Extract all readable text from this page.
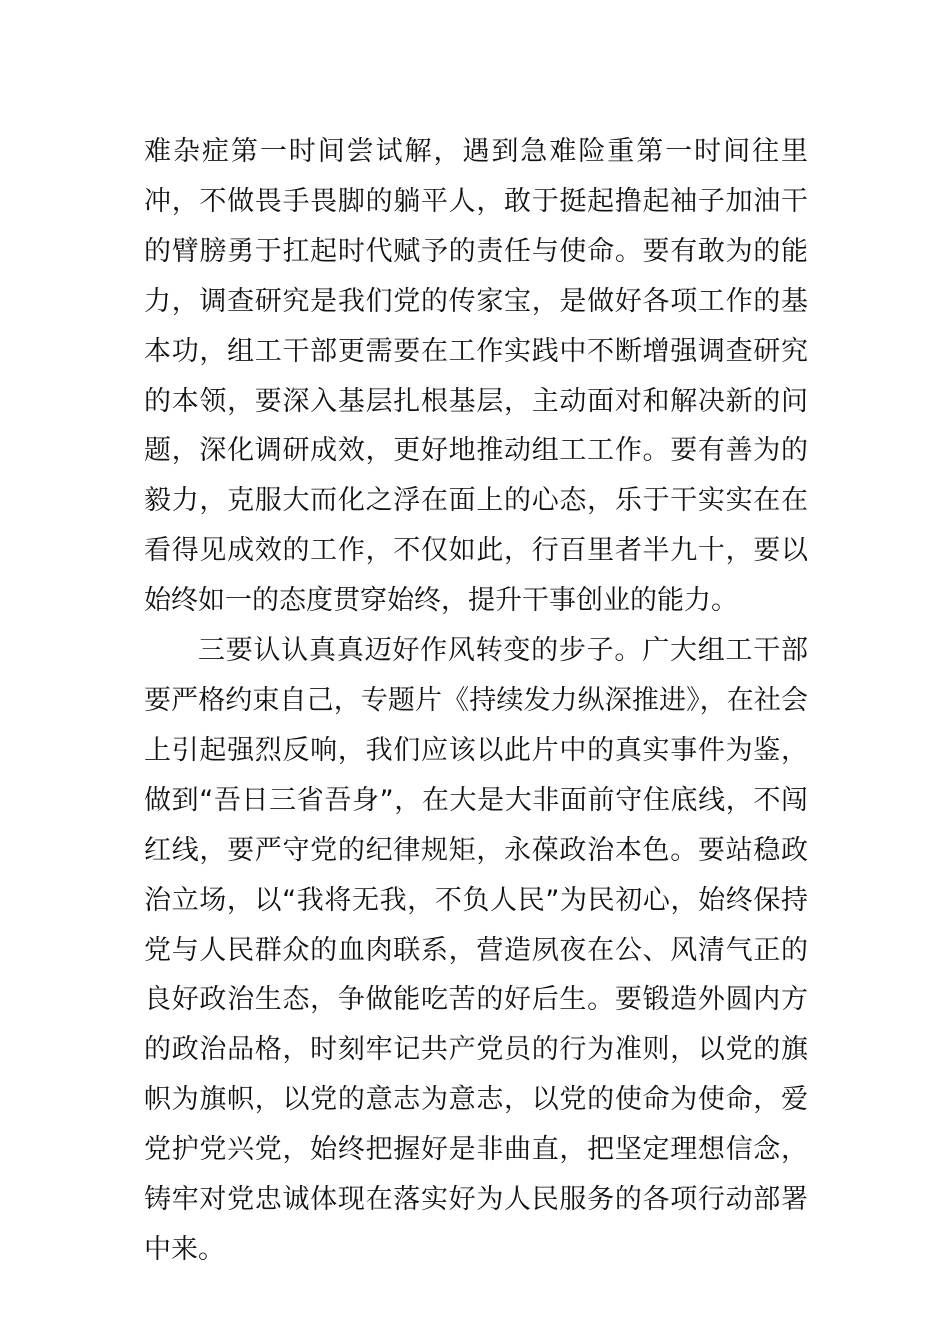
难杂症第一时间尝试解，遇到急难险重第一时间往里冲，不做畏手畏脚的躺平人，敢于挺起撸起袖子加油干的臂膀勇于扛起时代赋予的责任与使命。要有敢为的能力，调查研究是我们党的传家宝，是做好各项工作的基本功，组工干部更需要在工作实践中不断增强调查研究的本领，要深入基层扎根基层，主动面对和解决新的问题，深化调研成效，更好地推动组工工作。要有善为的毅力，克服大而化之浮在面上的心态，乐于干实实在在看得见成效的工作，不仅如此，行百里者半九十，要以始终如一的态度贯穿始终，提升干事创业的能力。

三要认认真真迈好作风转变的步子。广大组工干部要严格约束自己，专题片《持续发力纵深推进》，在社会上引起强烈反响，我们应该以此片中的真实事件为鉴，做到“吾日三省吾身”，在大是大非面前守住底线，不闯红线，要严守党的纪律规矩，永葆政治本色。要站稳政治立场，以“我将无我，不负人民”为民初心，始终保持党与人民群众的血肉联系，营造夙夜在公、风清气正的良好政治生态，争做能吃苦的好后生。要锻造外圆内方的政治品格，时刻牢记共产党员的行为准则，以党的旗帜为旗帜，以党的意志为意志，以党的使命为使命，爱党护党兴党，始终把握好是非曲直，把坚定理想信念，铸牢对党忠诚体现在落实好为人民服务的各项行动部署中来。
